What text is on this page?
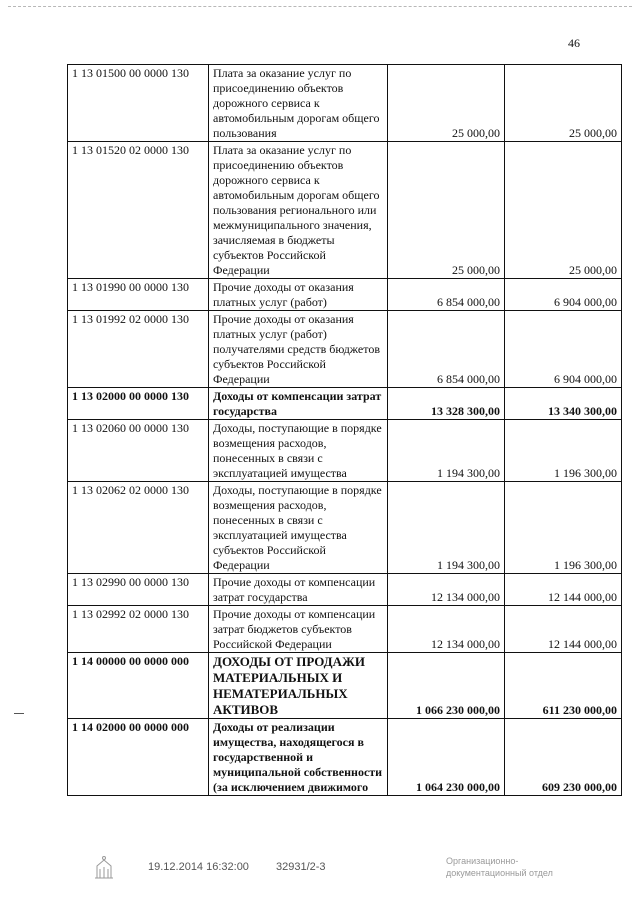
46
1 13 01500 00 0000 130	Плата за оказание услуг по присоединению объектов дорожного сервиса к автомобильным дорогам общего пользования	25 000,00	25 000,00
1 13 01520 02 0000 130	Плата за оказание услуг по присоединению объектов дорожного сервиса к автомобильным дорогам общего пользования регионального или межмуниципального значения, зачисляемая в бюджеты субъектов Российской Федерации	25 000,00	25 000,00
1 13 01990 00 0000 130	Прочие доходы от оказания платных услуг (работ)	6 854 000,00	6 904 000,00
1 13 01992 02 0000 130	Прочие доходы от оказания платных услуг (работ) получателями средств бюджетов субъектов Российской Федерации	6 854 000,00	6 904 000,00
1 13 02000 00 0000 130	Доходы от компенсации затрат государства	13 328 300,00	13 340 300,00
1 13 02060 00 0000 130	Доходы, поступающие в порядке возмещения расходов, понесенных в связи с эксплуатацией имущества	1 194 300,00	1 196 300,00
1 13 02062 02 0000 130	Доходы, поступающие в порядке возмещения расходов, понесенных в связи с эксплуатацией имущества субъектов Российской Федерации	1 194 300,00	1 196 300,00
1 13 02990 00 0000 130	Прочие доходы от компенсации затрат государства	12 134 000,00	12 144 000,00
1 13 02992 02 0000 130	Прочие доходы от компенсации затрат бюджетов субъектов Российской Федерации	12 134 000,00	12 144 000,00
1 14 00000 00 0000 000	ДОХОДЫ ОТ ПРОДАЖИ МАТЕРИАЛЬНЫХ И НЕМАТЕРИАЛЬНЫХ АКТИВОВ	1 066 230 000,00	611 230 000,00
1 14 02000 00 0000 000	Доходы от реализации имущества, находящегося в государственной и муниципальной собственности (за исключением движимого	1 064 230 000,00	609 230 000,00
19.12.2014 16:32:00 32931/2-3	Организационно-
документационный отдел
